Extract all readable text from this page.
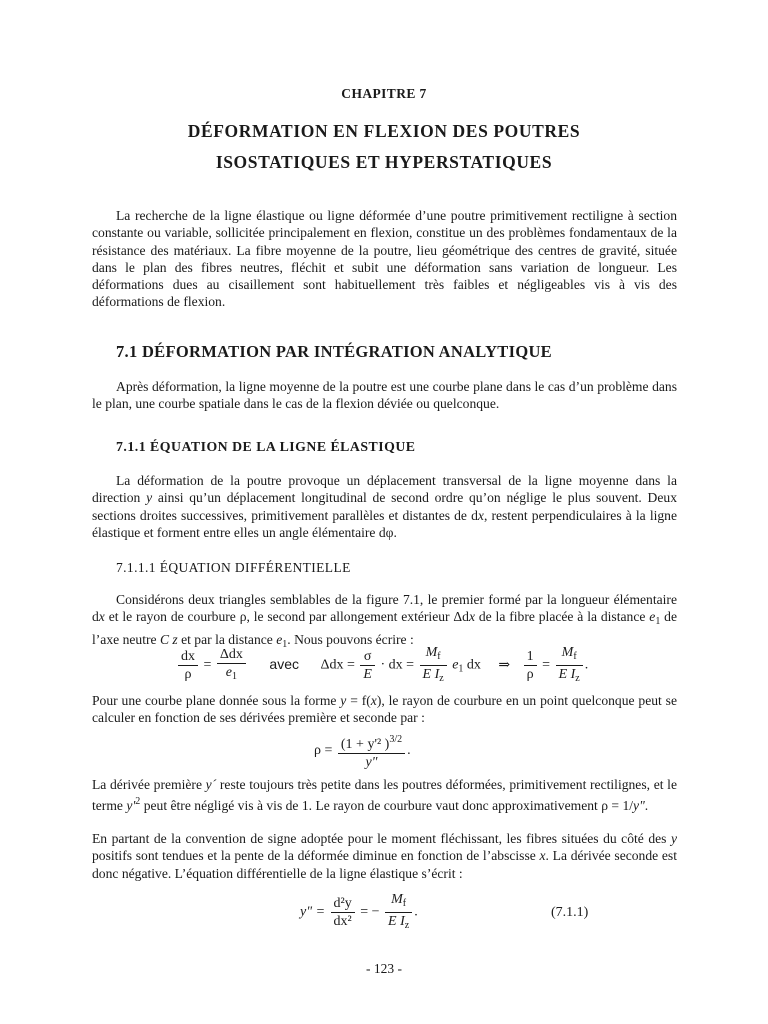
CHAPITRE 7
DÉFORMATION EN FLEXION DES POUTRES
ISOSTATIQUES ET HYPERSTATIQUES

La recherche de la ligne élastique ou ligne déformée d’une poutre primitivement rectiligne à section constante ou variable, sollicitée principalement en flexion, constitue un des problèmes fondamentaux de la résistance des matériaux. La fibre moyenne de la poutre, lieu géométrique des centres de gravité, située dans le plan des fibres neutres, fléchit et subit une déformation sans variation de longueur. Les déformations dues au cisaillement sont habituellement très faibles et négligeables vis à vis des déformations de flexion.

7.1 DÉFORMATION PAR INTÉGRATION ANALYTIQUE

Après déformation, la ligne moyenne de la poutre est une courbe plane dans le cas d’un problème dans le plan, une courbe spatiale dans le cas de la flexion déviée ou quelconque.

7.1.1 ÉQUATION DE LA LIGNE ÉLASTIQUE

La déformation de la poutre provoque un déplacement transversal de la ligne moyenne dans la direction y ainsi qu’un déplacement longitudinal de second ordre qu’on néglige le plus souvent. Deux sections droites successives, primitivement parallèles et distantes de dx, restent perpendiculaires à la ligne élastique et forment entre elles un angle élémentaire dφ.

7.1.1.1 ÉQUATION DIFFÉRENTIELLE

Considérons deux triangles semblables de la figure 7.1, le premier formé par la longueur élémentaire dx et le rayon de courbure ρ, le second par allongement extérieur Δdx de la fibre placée à la distance $e_1$ de l’axe neutre C z et par la distance $e_1$. Nous pouvons écrire :

$\frac{dx}{\rho} = \frac{\text{Δdx}}{e_1}$ avec $\Delta dx = \frac{\sigma}{E}$ · dx = $\frac{M_f}{E I_z} e_1$ dx ⇒ $\frac{1}{\rho} = \frac{M_f}{E I_z}$ .

Pour une courbe plane donnée sous la forme y = f(x), le rayon de courbure en un point quelconque peut se calculer en fonction de ses dérivées première et seconde par :

$\rho = \frac{(1 + y'^2 )^{3/2}}{y"}$ .

La dérivée première y´ reste toujours très petite dans les poutres déformées, primitivement rectilignes, et le terme $y'^2$ peut être négligé vis à vis de 1. Le rayon de courbure vaut donc approximativement ρ = 1/y".

En partant de la convention de signe adoptée pour le moment fléchissant, les fibres situées du côté des y positifs sont tendues et la pente de la déformée diminue en fonction de l’abscisse x. La dérivée seconde est donc négative. L’équation différentielle de la ligne élastique s’écrit :

y" = $\frac{\text{d²y}}{\text{dx²}}$ = − $\frac{M_f}{E I_z}$ .	(7.1.1)
- 123 -
